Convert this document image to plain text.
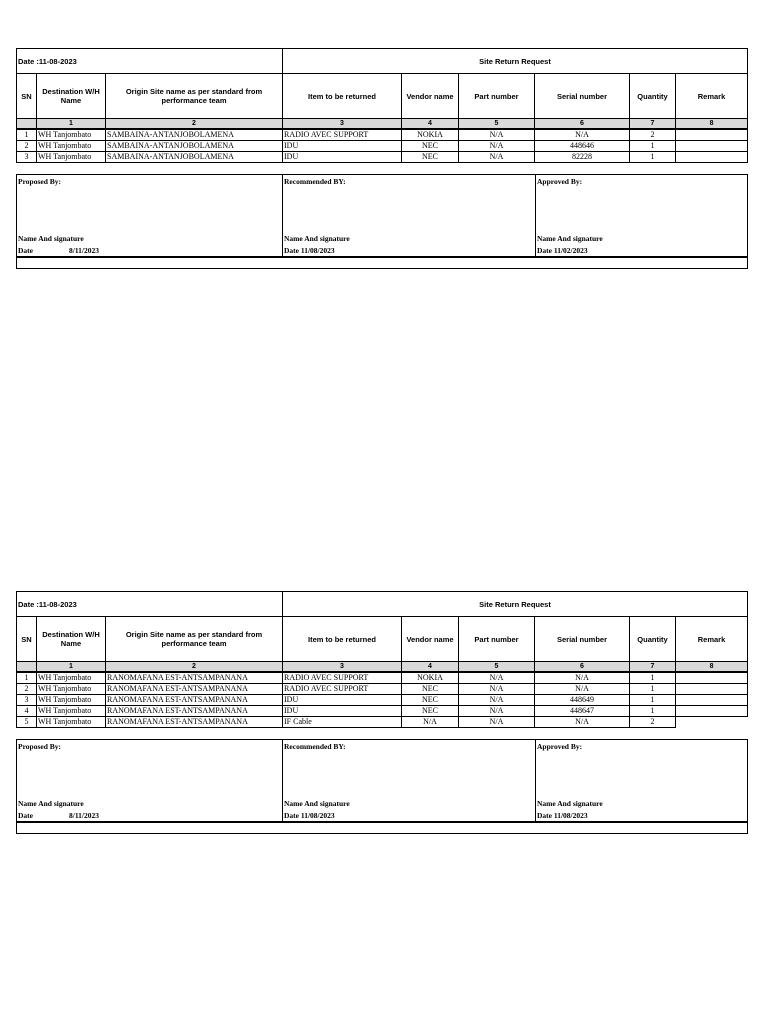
Date :11-08-2023			Site Return Request					
SN	Destination W/H Name	Origin Site name as per standard from performance team	Item to be returned	Vendor name	Part number	Serial number	Quantity	Remark
	1	2	3	4	5	6	7	8
1	WH Tanjombato	SAMBAINA-ANTANJOBOLAMENA	RADIO AVEC SUPPORT	NOKIA	N/A	N/A	2	
2	WH Tanjombato	SAMBAINA-ANTANJOBOLAMENA	IDU	NEC	N/A	448646	1	
3	WH Tanjombato	SAMBAINA-ANTANJOBOLAMENA	IDU	NEC	N/A	82228	1	
Proposed By:
Name And signature
Date	8/11/2023

Recommended BY:
Name And signature
Date 11/08/2023

Approved By:
Name And signature
Date 11/02/2023

Date :11-08-2023			Site Return Request					
SN	Destination W/H Name	Origin Site name as per standard from performance team	Item to be returned	Vendor name	Part number	Serial number	Quantity	Remark
	1	2	3	4	5	6	7	8
1	WH Tanjombato	RANOMAFANA EST-ANTSAMPANANA	RADIO AVEC SUPPORT	NOKIA	N/A	N/A	1	
2	WH Tanjombato	RANOMAFANA EST-ANTSAMPANANA	RADIO AVEC SUPPORT	NEC	N/A	N/A	1	
3	WH Tanjombato	RANOMAFANA EST-ANTSAMPANANA	IDU	NEC	N/A	448649	1	
4	WH Tanjombato	RANOMAFANA EST-ANTSAMPANANA	IDU	NEC	N/A	448647	1	
5	WH Tanjombato	RANOMAFANA EST-ANTSAMPANANA	IF Cable	N/A	N/A	N/A	2	
Proposed By:
Name And signature
Date	8/11/2023

Recommended BY:
Name And signature
Date 11/08/2023

Approved By:
Name And signature
Date 11/08/2023
